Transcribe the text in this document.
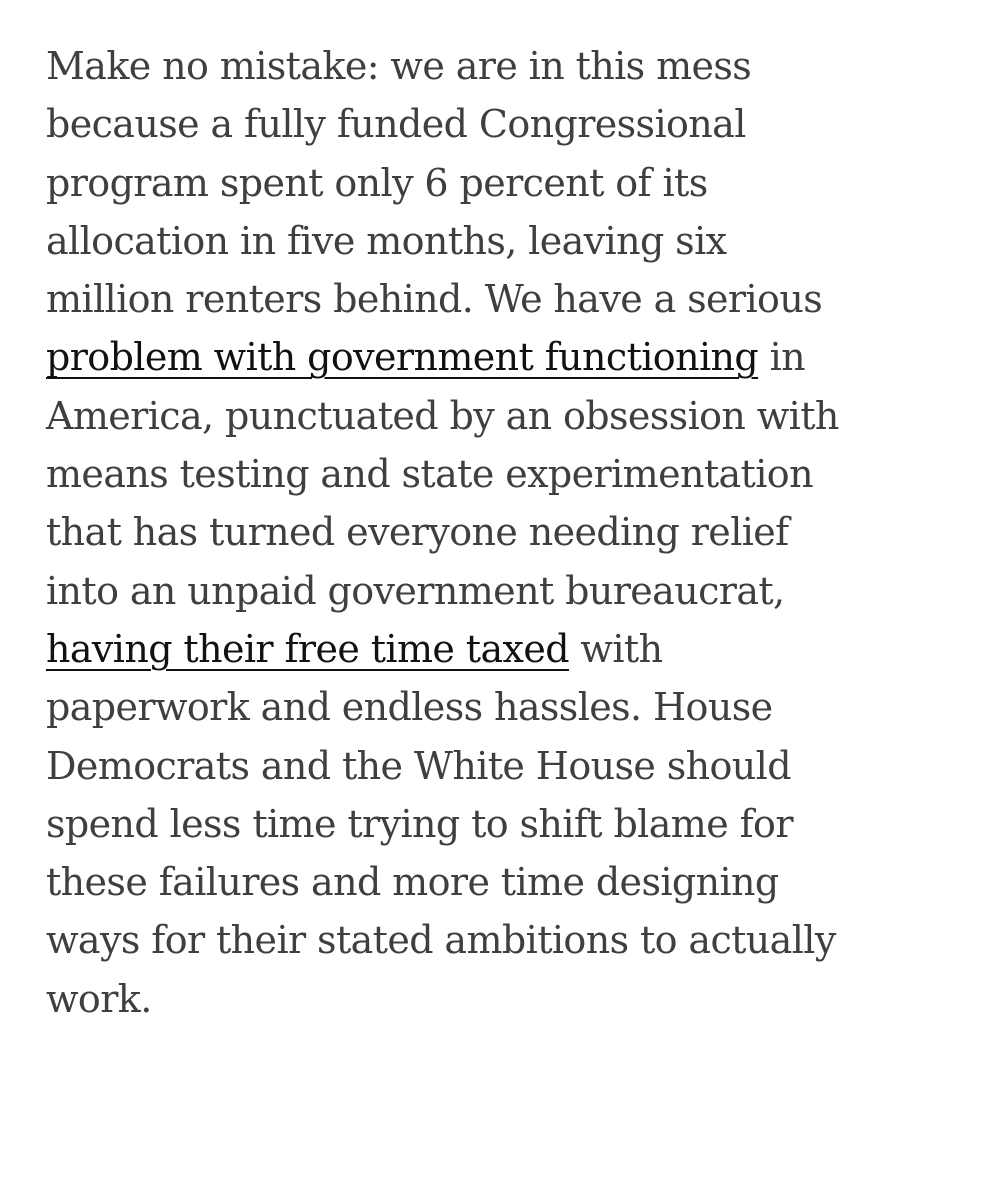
Make no mistake: we are in this mess
because a fully funded Congressional
program spent only 6 percent of its
allocation in five months, leaving six
million renters behind. We have a serious
problem with government functioning in
America, punctuated by an obsession with
means testing and state experimentation
that has turned everyone needing relief
into an unpaid government bureaucrat,
having their free time taxed with
paperwork and endless hassles. House
Democrats and the White House should
spend less time trying to shift blame for
these failures and more time designing
ways for their stated ambitions to actually
work.
